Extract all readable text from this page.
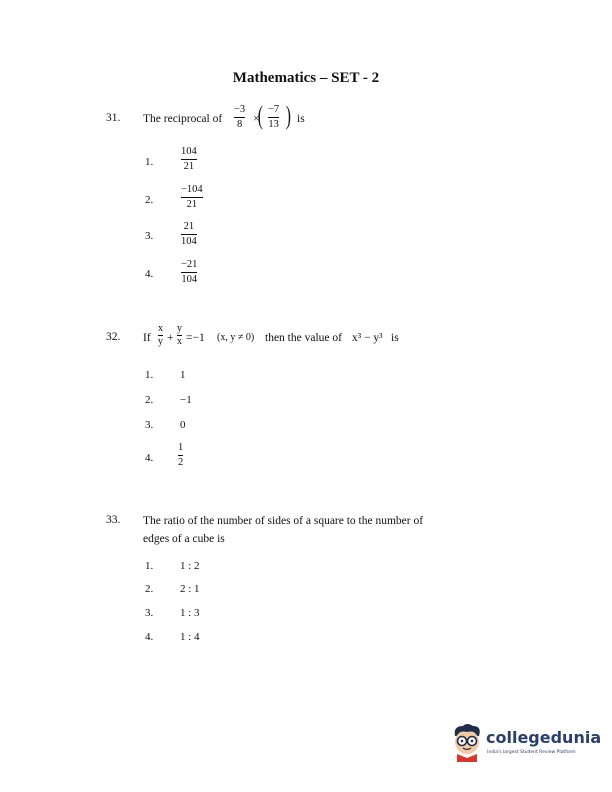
Mathematics – SET - 2
31. The reciprocal of
−3
8 ×
( −7
13 ) is
1.
104
21
2.
−104
21
3.
21
104
4.
−21
104
32. If
x
y +
y
x =−1 (x, y ≠ 0) then the value of x³ − y³ is
1. 1
2. −1
3. 0
4.
1
2
33. The ratio of the number of sides of a square to the number of
edges of a cube is
1. 1 : 2
2. 2 : 1
3. 1 : 3
4. 1 : 4
collegedunia
India's largest Student Review Platform
